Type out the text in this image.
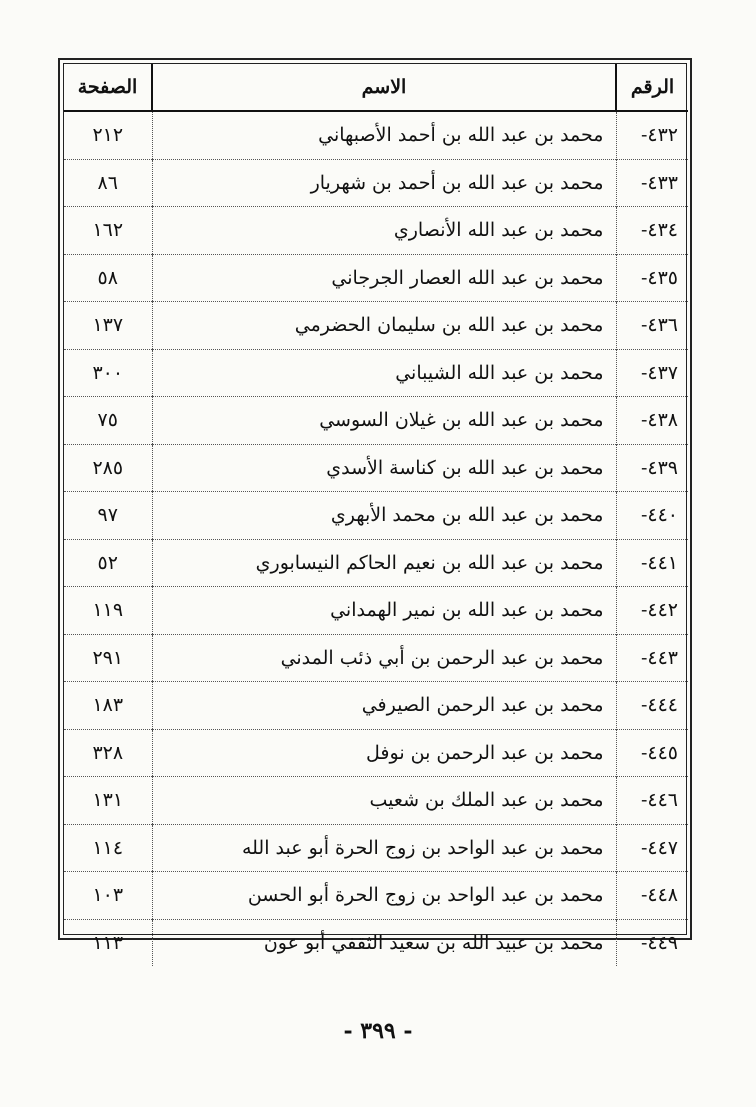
الرقم	الاسم	الصفحة
٤٣٢-	محمد بن عبد الله بن أحمد الأصبهاني	٢١٢
٤٣٣-	محمد بن عبد الله بن أحمد بن شهريار	٨٦
٤٣٤-	محمد بن عبد الله الأنصاري	١٦٢
٤٣٥-	محمد بن عبد الله العصار الجرجاني	٥٨
٤٣٦-	محمد بن عبد الله بن سليمان الحضرمي	١٣٧
٤٣٧-	محمد بن عبد الله الشيباني	٣٠٠
٤٣٨-	محمد بن عبد الله بن غيلان السوسي	٧٥
٤٣٩-	محمد بن عبد الله بن كناسة الأسدي	٢٨٥
٤٤٠-	محمد بن عبد الله بن محمد الأبهري	٩٧
٤٤١-	محمد بن عبد الله بن نعيم الحاكم النيسابوري	٥٢
٤٤٢-	محمد بن عبد الله بن نمير الهمداني	١١٩
٤٤٣-	محمد بن عبد الرحمن بن أبي ذئب المدني	٢٩١
٤٤٤-	محمد بن عبد الرحمن الصيرفي	١٨٣
٤٤٥-	محمد بن عبد الرحمن بن نوفل	٣٢٨
٤٤٦-	محمد بن عبد الملك بن شعيب	١٣١
٤٤٧-	محمد بن عبد الواحد بن زوج الحرة أبو عبد الله	١١٤
٤٤٨-	محمد بن عبد الواحد بن زوج الحرة أبو الحسن	١٠٣
٤٤٩-	محمد بن عبيد الله بن سعيد الثقفي أبو عون	١١٣
- ٣٩٩ -
